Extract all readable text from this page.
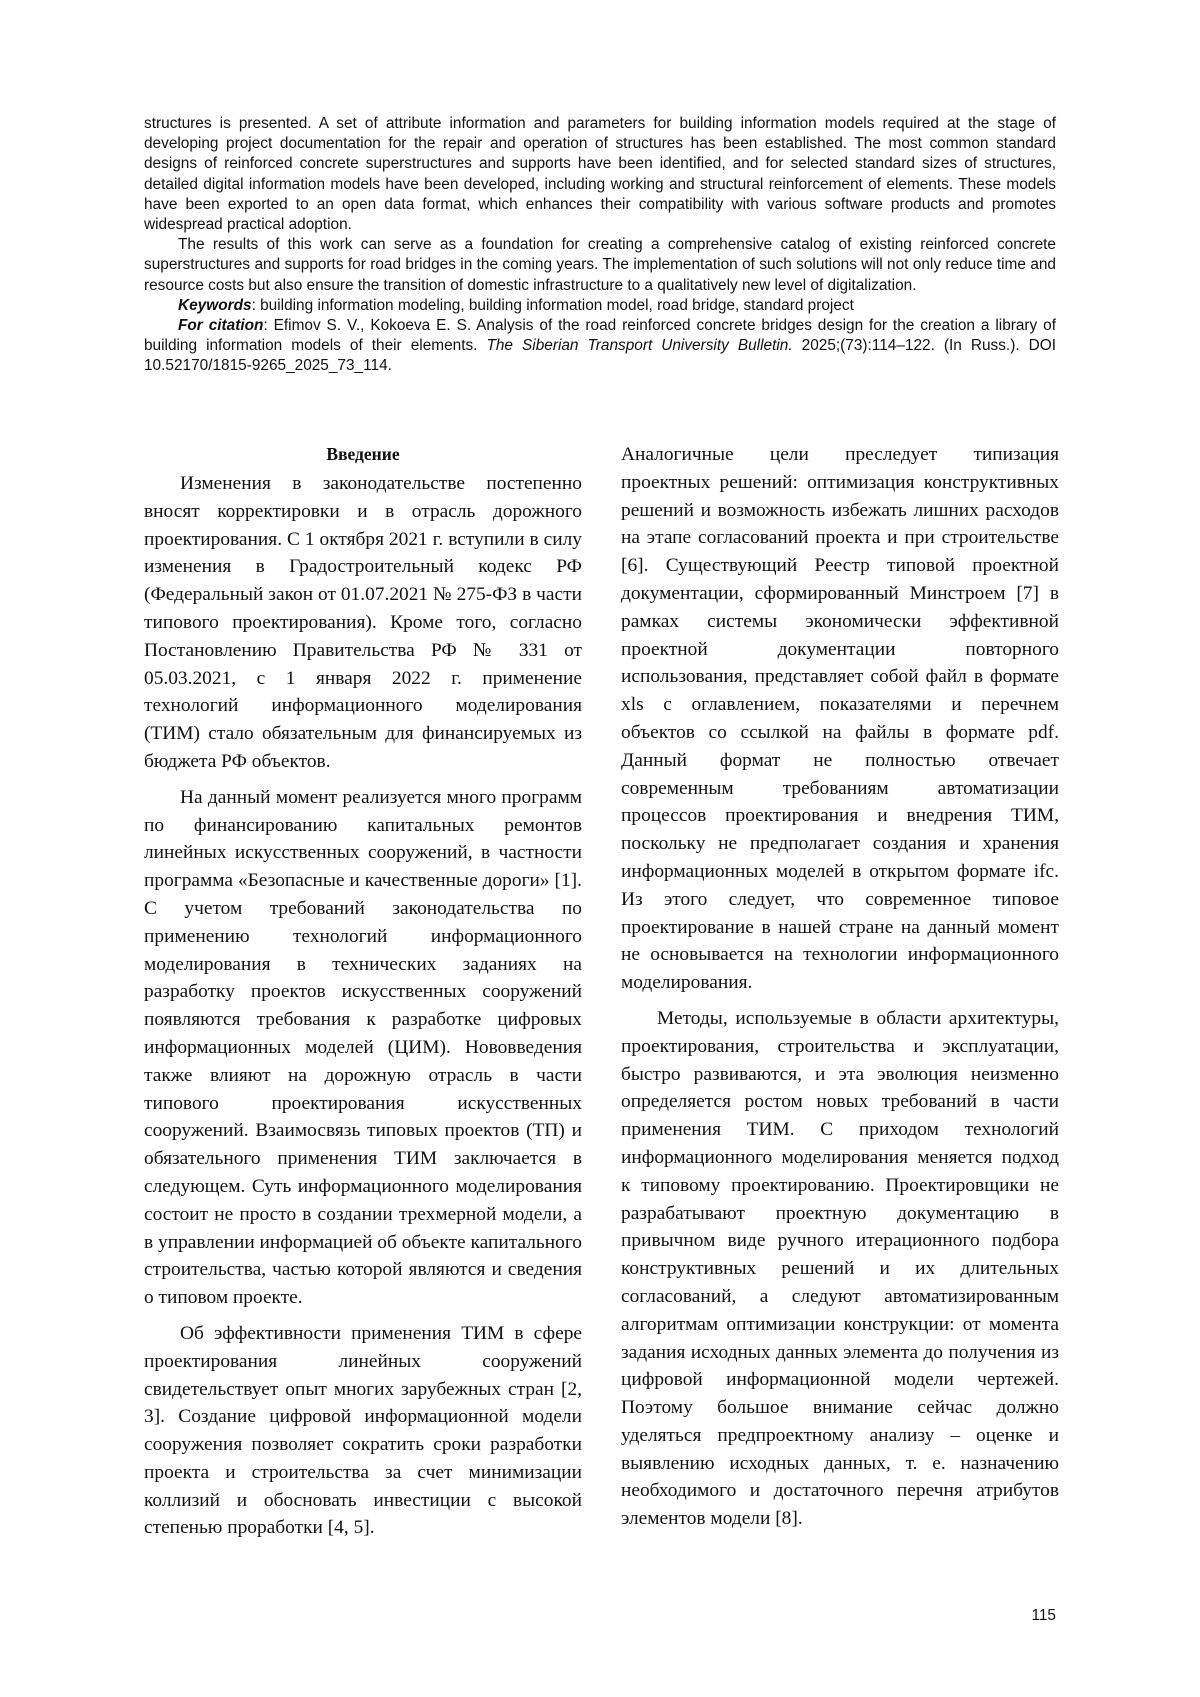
structures is presented. A set of attribute information and parameters for building information models required at the stage of developing project documentation for the repair and operation of structures has been established. The most common standard designs of reinforced concrete superstructures and supports have been identified, and for selected standard sizes of structures, detailed digital information models have been developed, including working and structural reinforcement of elements. These models have been exported to an open data format, which enhances their compatibility with various software products and promotes widespread practical adoption.

The results of this work can serve as a foundation for creating a comprehensive catalog of existing reinforced concrete superstructures and supports for road bridges in the coming years. The implementation of such solutions will not only reduce time and resource costs but also ensure the transition of domestic infrastructure to a qualitatively new level of digitalization.

Keywords: building information modeling, building information model, road bridge, standard project

For citation: Efimov S. V., Kokoeva E. S. Analysis of the road reinforced concrete bridges design for the creation a library of building information models of their elements. The Siberian Transport University Bulletin. 2025;(73):114–122. (In Russ.). DOI 10.52170/1815-9265_2025_73_114.

Введение

Изменения в законодательстве постепенно вносят корректировки и в отрасль дорожного проектирования. С 1 октября 2021 г. вступили в силу изменения в Градостроительный кодекс РФ (Федеральный закон от 01.07.2021 № 275-ФЗ в части типового проектирования). Кроме того, согласно Постановлению Правительства РФ № 331 от 05.03.2021, с 1 января 2022 г. применение технологий информационного моделирования (ТИМ) стало обязательным для финансируемых из бюджета РФ объектов.

На данный момент реализуется много программ по финансированию капитальных ремонтов линейных искусственных сооружений, в частности программа «Безопасные и качественные дороги» [1]. С учетом требований законодательства по применению технологий информационного моделирования в технических заданиях на разработку проектов искусственных сооружений появляются требования к разработке цифровых информационных моделей (ЦИМ). Нововведения также влияют на дорожную отрасль в части типового проектирования искусственных сооружений. Взаимосвязь типовых проектов (ТП) и обязательного применения ТИМ заключается в следующем. Суть информационного моделирования состоит не просто в создании трехмерной модели, а в управлении информацией об объекте капитального строительства, частью которой являются и сведения о типовом проекте.

Об эффективности применения ТИМ в сфере проектирования линейных сооружений свидетельствует опыт многих зарубежных стран [2, 3]. Создание цифровой информационной модели сооружения позволяет сократить сроки разработки проекта и строительства за счет минимизации коллизий и обосновать инвестиции с высокой степенью проработки [4, 5].

Аналогичные цели преследует типизация проектных решений: оптимизация конструктивных решений и возможность избежать лишних расходов на этапе согласований проекта и при строительстве [6]. Существующий Реестр типовой проектной документации, сформированный Минстроем [7] в рамках системы экономически эффективной проектной документации повторного использования, представляет собой файл в формате xls с оглавлением, показателями и перечнем объектов со ссылкой на файлы в формате pdf. Данный формат не полностью отвечает современным требованиям автоматизации процессов проектирования и внедрения ТИМ, поскольку не предполагает создания и хранения информационных моделей в открытом формате ifc. Из этого следует, что современное типовое проектирование в нашей стране на данный момент не основывается на технологии информационного моделирования.

Методы, используемые в области архитектуры, проектирования, строительства и эксплуатации, быстро развиваются, и эта эволюция неизменно определяется ростом новых требований в части применения ТИМ. С приходом технологий информационного моделирования меняется подход к типовому проектированию. Проектировщики не разрабатывают проектную документацию в привычном виде ручного итерационного подбора конструктивных решений и их длительных согласований, а следуют автоматизированным алгоритмам оптимизации конструкции: от момента задания исходных данных элемента до получения из цифровой информационной модели чертежей. Поэтому большое внимание сейчас должно уделяться предпроектному анализу – оценке и выявлению исходных данных, т. е. назначению необходимого и достаточного перечня атрибутов элементов модели [8].

115
